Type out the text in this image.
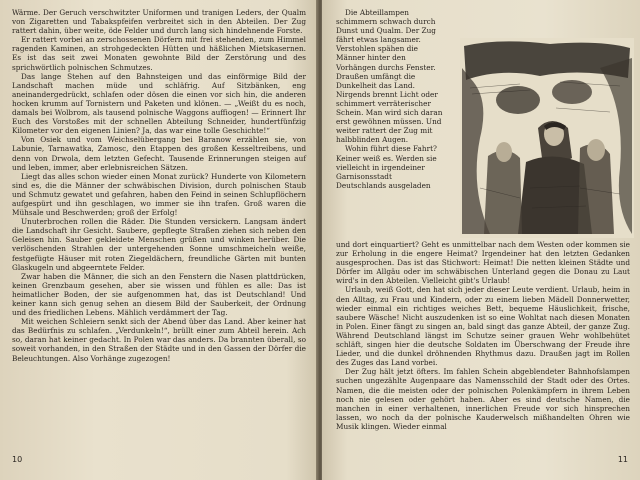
Wärme. Der Geruch verschwitzter Uniformen und tranigen Leders, der Qualm von Zigaretten und Tabakspfeifen verbreitet sich in den Abteilen. Der Zug rattert dahin, über weite, öde Felder und durch lang sich hindehnende Forste.

Er rattert vorbei an zerschossenen Dörfern mit frei stehenden, zum Himmel ragenden Kaminen, an strohgedeckten Hütten und häßlichen Mietskasernen. Es ist das seit zwei Monaten gewohnte Bild der Zerstörung und des sprichwörtlich polnischen Schmutzes.

Das lange Stehen auf den Bahnsteigen und das einförmige Bild der Landschaft machen müde und schläfrig. Auf Sitzbänken, eng aneinandergedrückt, schlafen oder dösen die einen vor sich hin, die anderen hocken krumm auf Tornistern und Paketen und klönen. — „Weißt du es noch, damals bei Wolbrom, als tausend polnische Waggons auffiogen! — Erinnert Ihr Euch des Vorstoßes mit der schnellen Abteilung Schneider, hundertfünfzig Kilometer vor den eigenen Linien? Ja, das war eine tolle Geschichte!“

Von Osiek und vom Weichselübergang bei Baranow erzählen sie, von Labunie, Tarnawatka, Zamosc, den Etappen des großen Kesseltreibens, und denn von Drwola, dem letzten Gefecht. Tausende Erinnerungen steigen auf und leben, immer, aber erlebnisreichen Sätzen.

Liegt das alles schon wieder einen Monat zurück? Hunderte von Kilometern sind es, die die Männer der schwäbischen Division, durch polnischen Staub und Schmutz gewatet und gefahren, haben den Feind in seinen Schlupflöchern aufgespürt und ihn geschlagen, wo immer sie ihn trafen. Groß waren die Mühsale und Beschwerden; groß der Erfolg!

Unuterbrochen rollen die Räder. Die Stunden versickern. Langsam ändert die Landschaft ihr Gesicht. Saubere, gepflegte Straßen ziehen sich neben den Geleisen hin. Sauber gekleidete Menschen grüßen und winken herüber. Die verlöschenden Strahlen der untergehenden Sonne umschmeicheln weiße, festgefügte Häuser mit roten Ziegeldächern, freundliche Gärten mit bunten Glaskugeln und abgeerntete Felder.

Zwar haben die Männer, die sich an den Fenstern die Nasen plattdrücken, keinen Grenzbaum gesehen, aber sie wissen und fühlen es alle: Das ist heimatlicher Boden, der sie aufgenommen hat, das ist Deutschland! Und keiner kann sich genug sehen an diesem Bild der Sauberkeit, der Ordnung und des friedlichen Lebens. Mählich verdämmert der Tag.

Mit weichen Schleiern senkt sich der Abend über das Land. Aber keiner hat das Bedürfnis zu schlafen. „Verdunkeln!“, brüllt einer zum Abteil herein. Ach so, daran hat keiner gedacht. In Polen war das anders. Da brannten überall, so soweit vorhanden, in den Straßen der Städte und in den Gassen der Dörfer die Beleuchtungen. Also Vorhänge zugezogen!

10

Die Abteillampen schimmern schwach durch Dunst und Qualm. Der Zug fährt etwas langsamer. Verstohlen spähen die Männer hinter den Vorhängen durchs Fenster. Draußen umfängt die Dunkelheit das Land. Nirgends brennt Licht oder schimmert verräterischer Schein. Man wird sich daran erst gewöhnen müssen. Und weiter rattert der Zug mit halbblinden Augen.

Wohin führt diese Fahrt? Keiner weiß es. Werden sie vielleicht in irgendeiner Garnisonsstadt Deutschlands ausgeladen

und dort einquartiert? Geht es unmittelbar nach dem Westen oder kommen sie zur Erholung in die engere Heimat? Irgendeiner hat den letzten Gedanken ausgesprochen. Das ist das Stichwort: Heimat! Die netten kleinen Städte und Dörfer im Allgäu oder im schwäbischen Unterland gegen die Donau zu Laut wird's in den Abteilen. Vielleicht gibt's Urlaub!

Urlaub, weiß Gott, den hat sich jeder dieser Leute verdient. Urlaub, heim in den Alltag, zu Frau und Kindern, oder zu einem lieben Mädell Donnerwetter, wieder einmal ein richtiges weiches Bett, bequeme Häuslichkeit, frische, saubere Wäsche! Nicht auszudenken ist so eine Wohltat nach diesen Monaten in Polen. Einer fängt zu singen an, bald singt das ganze Abteil, der ganze Zug. Während Deutschland längst im Schutze seiner grauen Wehr wohlbehütet schläft, singen hier die deutsche Soldaten im Überschwang der Freude ihre Lieder, und die dunkel dröhnenden Rhythmus dazu. Draußen jagt im Rollen des Zuges das Land vorbei.

Der Zug hält jetzt öfters. Im fahlen Schein abgeblendeter Bahnhofslampen suchen ungezählte Augenpaare das Namensschild der Stadt oder des Ortes. Namen, die die meisten oder der polnischen Polenkämpfern in ihrem Leben noch nie gelesen oder gehört haben. Aber es sind deutsche Namen, die manchen in einer verhaltenen, innerlichen Freude vor sich hinsprechen lassen, wo noch da der polnische Kauderwelsch mißhandelten Ohren wie Musik klingen. Wieder einmal

11
